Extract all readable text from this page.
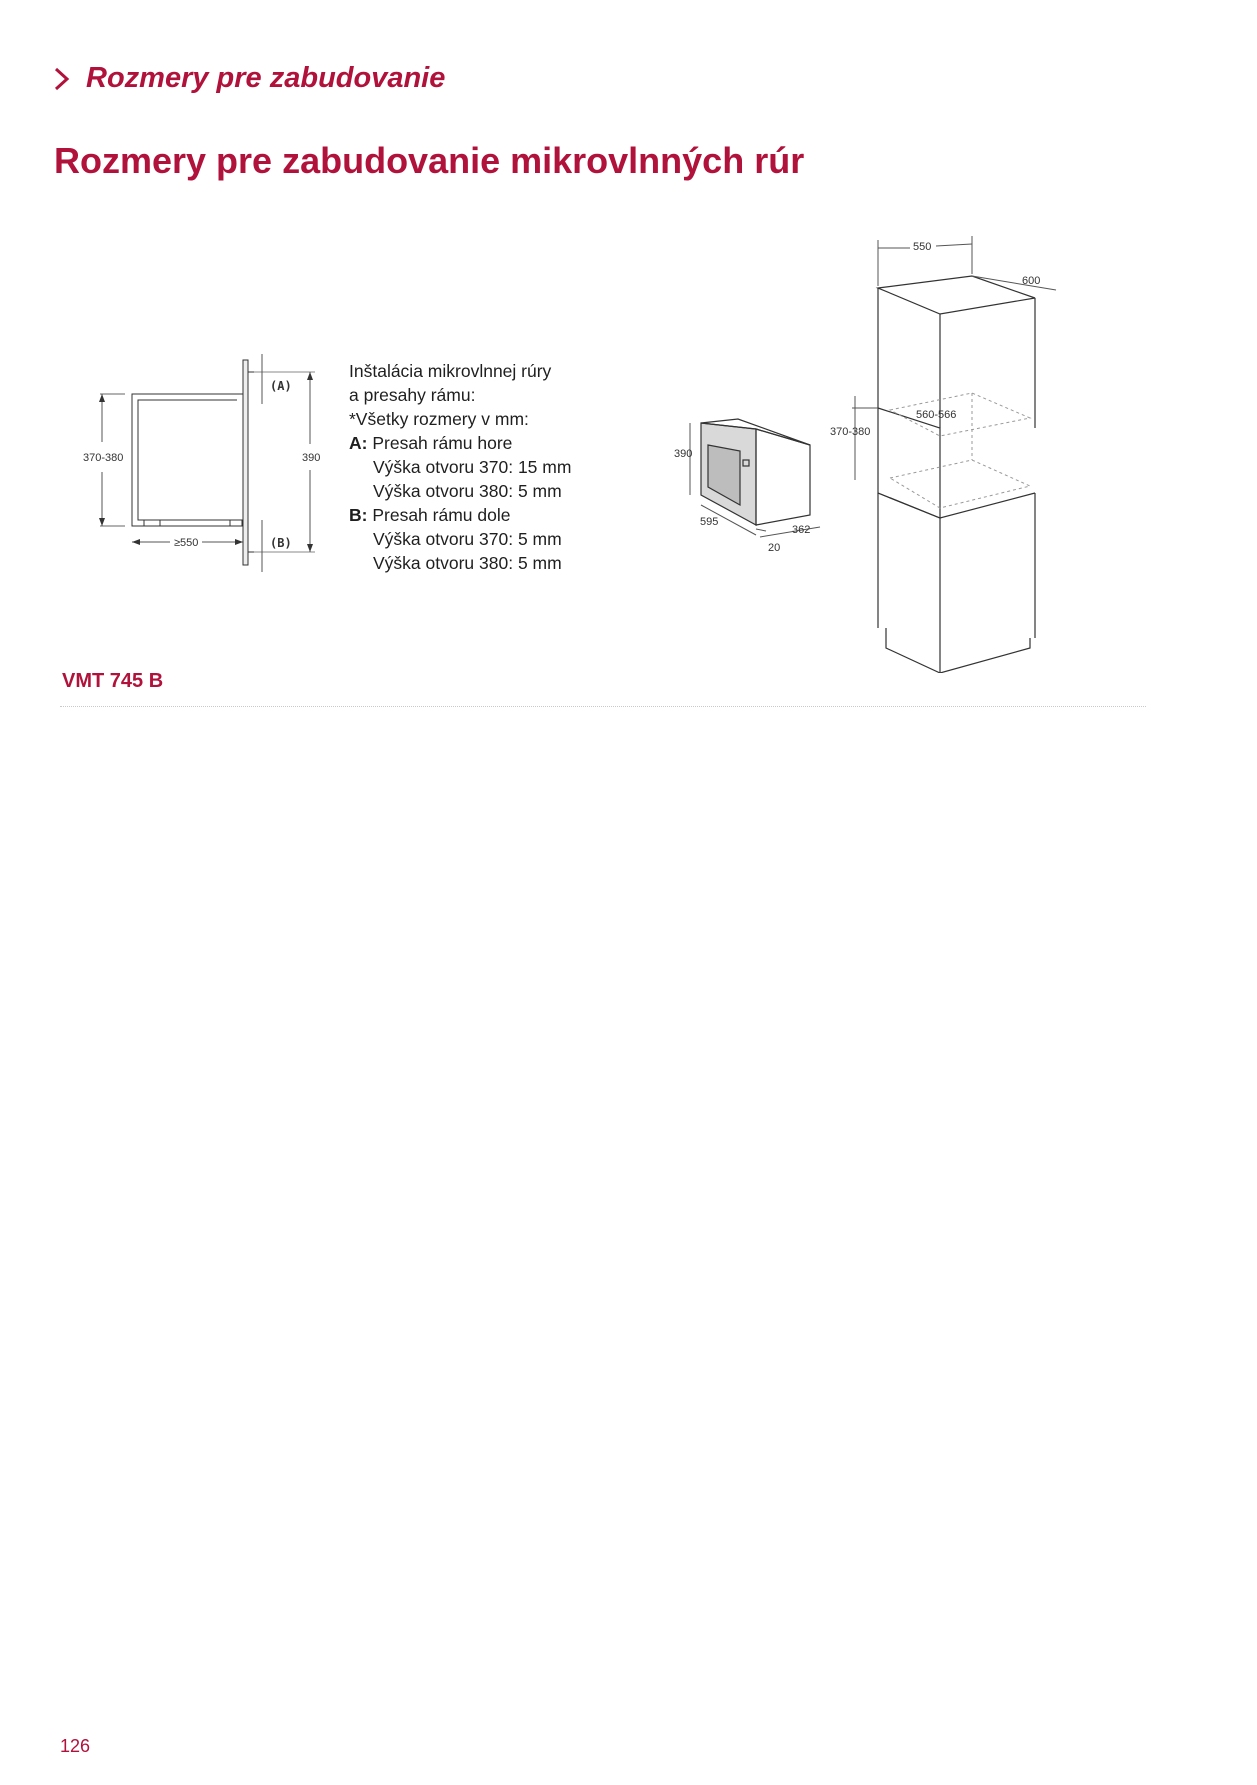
Rozmery pre zabudovanie
Rozmery pre zabudovanie mikrovlnných rúr
370-380	390
≥550
(A)
(B)
Inštalácia mikrovlnnej rúry
a presahy rámu:
*Všetky rozmery v mm:
A: Presah rámu hore
Výška otvoru 370: 15 mm
Výška otvoru 380: 5 mm
B: Presah rámu dole
Výška otvoru 370: 5 mm
Výška otvoru 380: 5 mm
390
595
20
362
550
600
370-380
560-566
VMT 745 B
126
